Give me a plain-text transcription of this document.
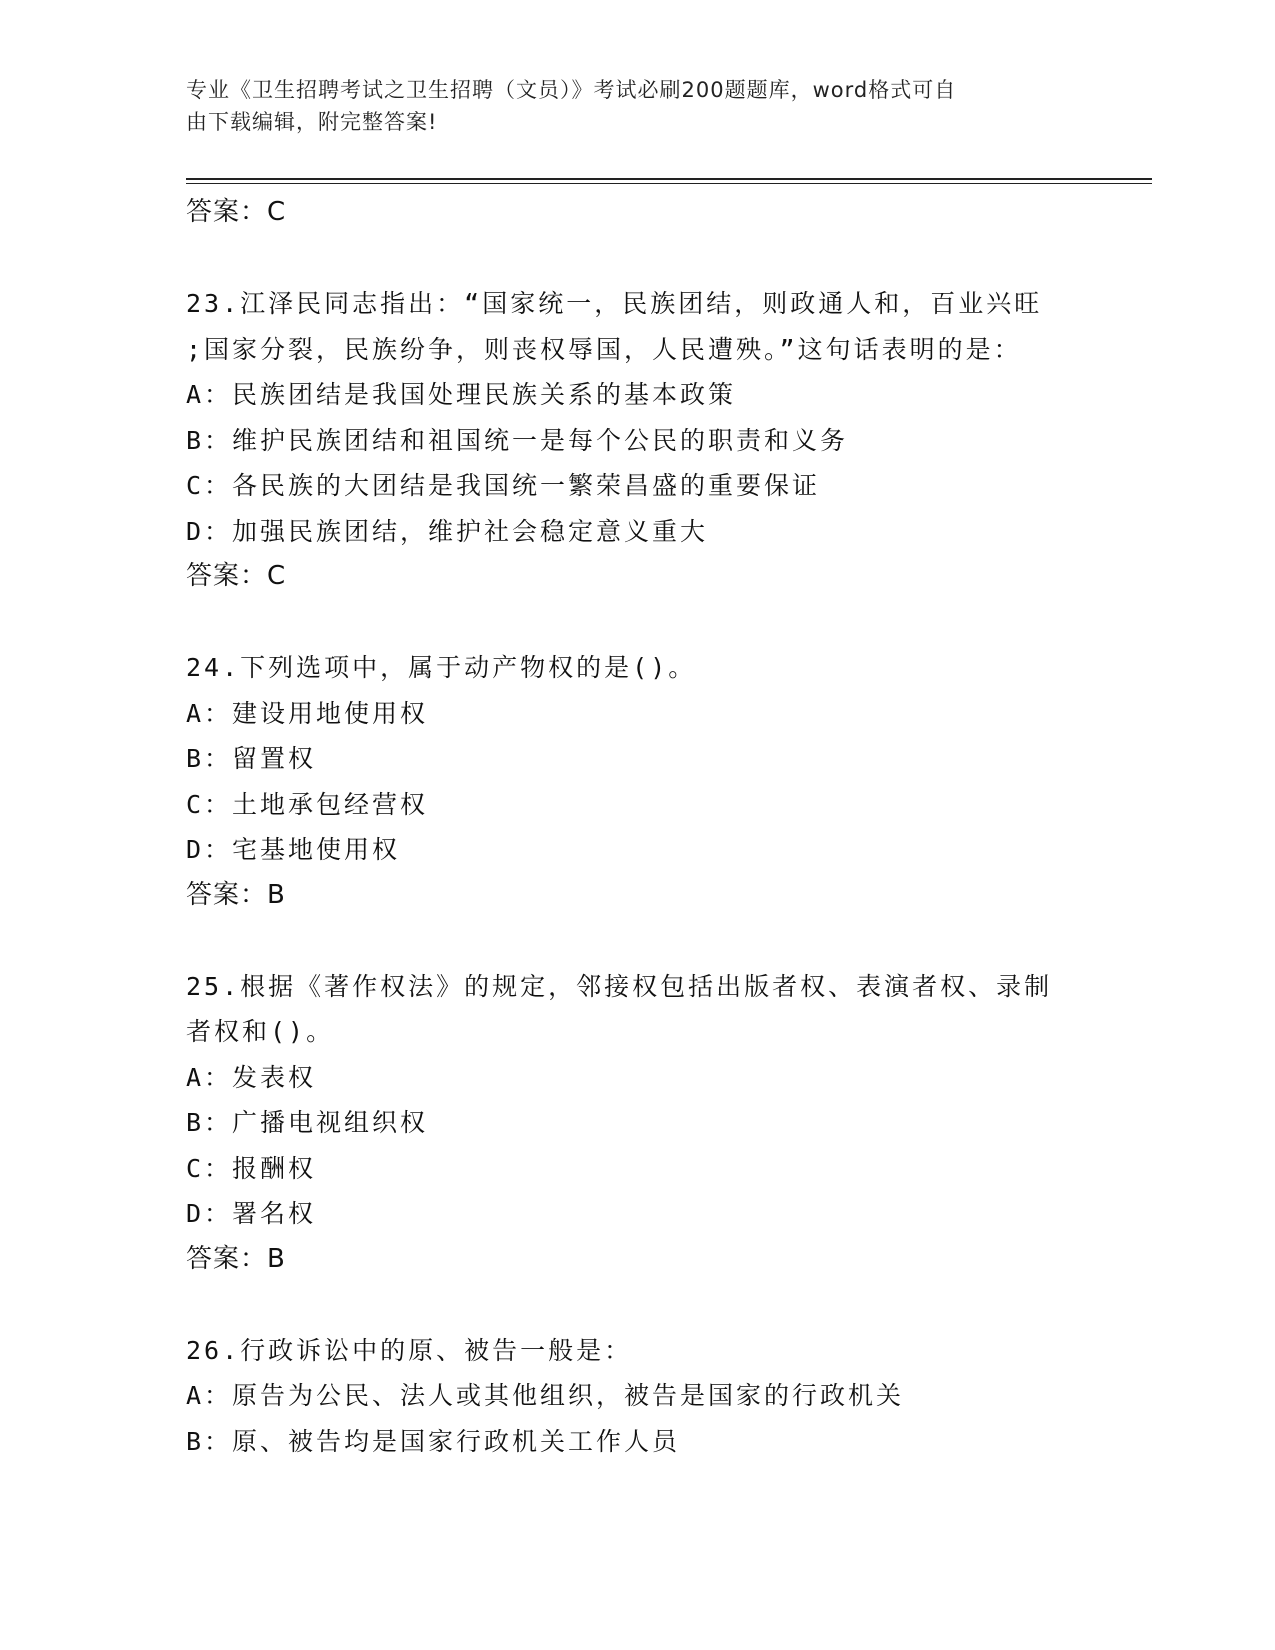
专业《卫生招聘考试之卫生招聘（文员）》考试必刷200题题库，word格式可自
由下载编辑，附完整答案!
答案：C
23.江泽民同志指出：“国家统一，民族团结，则政通人和，百业兴旺
;国家分裂，民族纷争，则丧权辱国，人民遭殃。”这句话表明的是：
A：民族团结是我国处理民族关系的基本政策
B：维护民族团结和祖国统一是每个公民的职责和义务
C：各民族的大团结是我国统一繁荣昌盛的重要保证
D：加强民族团结，维护社会稳定意义重大
答案：C
24.下列选项中，属于动产物权的是()。
A：建设用地使用权
B：留置权
C：土地承包经营权
D：宅基地使用权
答案：B
25.根据《著作权法》的规定，邻接权包括出版者权、表演者权、录制
者权和()。
A：发表权
B：广播电视组织权
C：报酬权
D：署名权
答案：B
26.行政诉讼中的原、被告一般是：
A：原告为公民、法人或其他组织，被告是国家的行政机关
B：原、被告均是国家行政机关工作人员
